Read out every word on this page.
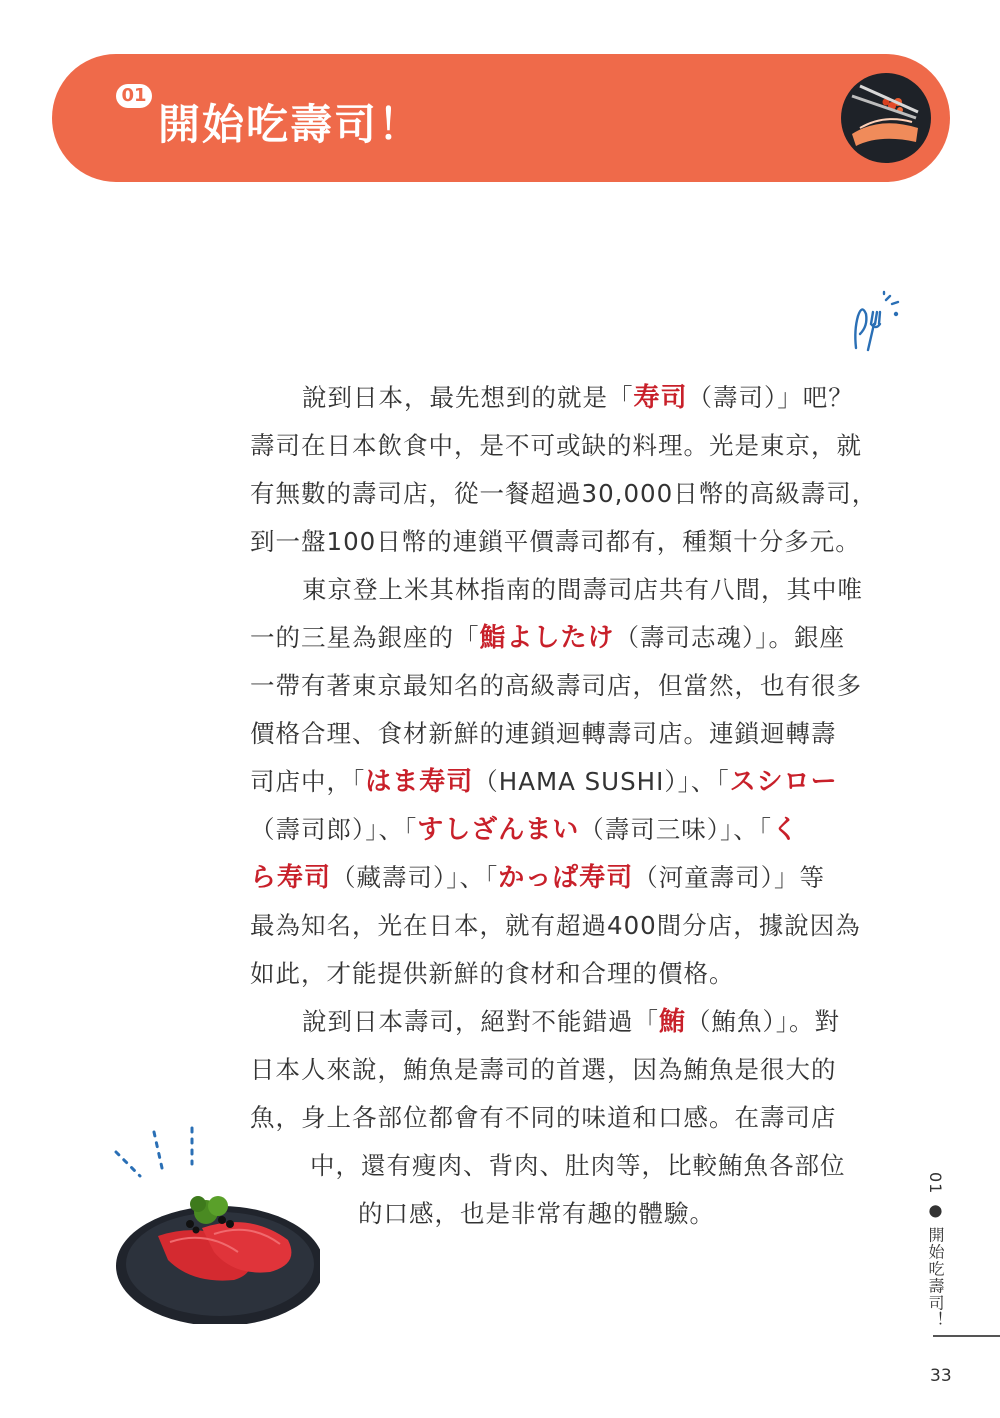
01
開始吃壽司！

說到日本，最先想到的就是「寿司（壽司）」吧？

壽司在日本飲食中，是不可或缺的料理。光是東京，就

有無數的壽司店，從一餐超過30,000日幣的高級壽司，

到一盤100日幣的連鎖平價壽司都有，種類十分多元。

東京登上米其林指南的間壽司店共有八間，其中唯

一的三星為銀座的「鮨よしたけ（壽司志魂）」。銀座

一帶有著東京最知名的高級壽司店，但當然，也有很多

價格合理、食材新鮮的連鎖迴轉壽司店。連鎖迴轉壽

司店中，「はま寿司（HAMA SUSHI）」、「スシロー

（壽司郎）」、「すしざんまい（壽司三味）」、「く

ら寿司（藏壽司）」、「かっぱ寿司（河童壽司）」等

最為知名，光在日本，就有超過400間分店，據說因為

如此，才能提供新鮮的食材和合理的價格。

說到日本壽司，絕對不能錯過「鮪（鮪魚）」。對

日本人來說，鮪魚是壽司的首選，因為鮪魚是很大的

魚，身上各部位都會有不同的味道和口感。在壽司店

中，還有瘦肉、背肉、肚肉等，比較鮪魚各部位

的口感，也是非常有趣的體驗。	01 ● 開始吃壽司！
33
